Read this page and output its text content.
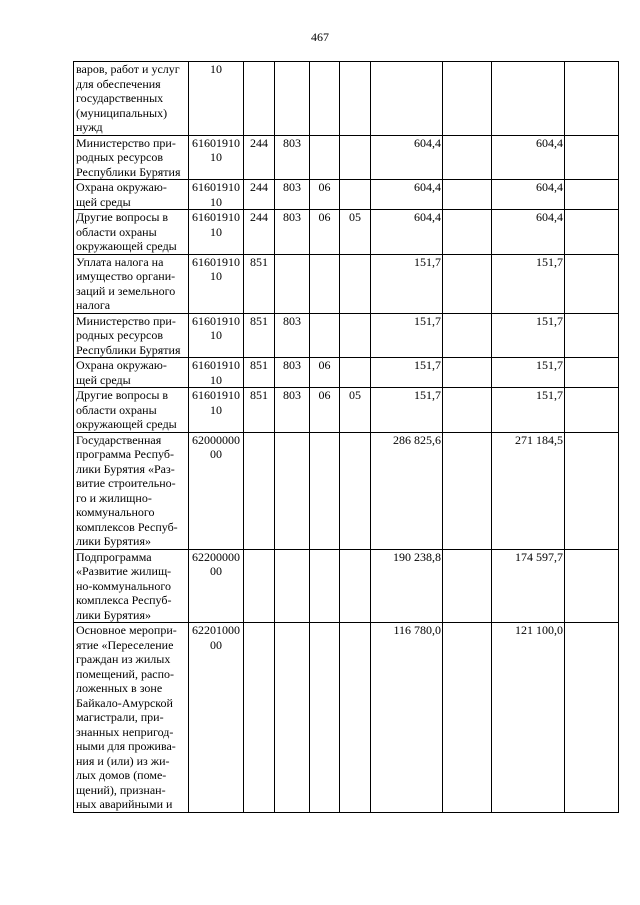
467
варов, работ и услуг для обеспечения государственных (муниципальных) нужд	10								
Министерство при-родных ресурсов Республики Бурятия	6160191010	244	803			604,4		604,4	
Охрана окружаю-щей среды	6160191010	244	803	06		604,4		604,4	
Другие вопросы в области охраны окружающей среды	6160191010	244	803	06	05	604,4		604,4	
Уплата налога на имущество органи-заций и земельного налога	6160191010	851				151,7		151,7	
Министерство при-родных ресурсов Республики Бурятия	6160191010	851	803			151,7		151,7	
Охрана окружаю-щей среды	6160191010	851	803	06		151,7		151,7	
Другие вопросы в области охраны окружающей среды	6160191010	851	803	06	05	151,7		151,7	
Государственная программа Респуб-лики Бурятия «Раз-витие строительно-го и жилищно-коммунального комплексов Респуб-лики Бурятия»	6200000000					286 825,6		271 184,5	
Подпрограмма «Развитие жилищ-но-коммунального комплекса Респуб-лики Бурятия»	6220000000					190 238,8		174 597,7	
Основное меропри-ятие «Переселение граждан из жилых помещений, распо-ложенных в зоне Байкало-Амурской магистрали, при-знанных непригод-ными для прожива-ния и (или) из жи-лых домов (поме-щений), признан-ных аварийными и	6220100000					116 780,0		121 100,0	
